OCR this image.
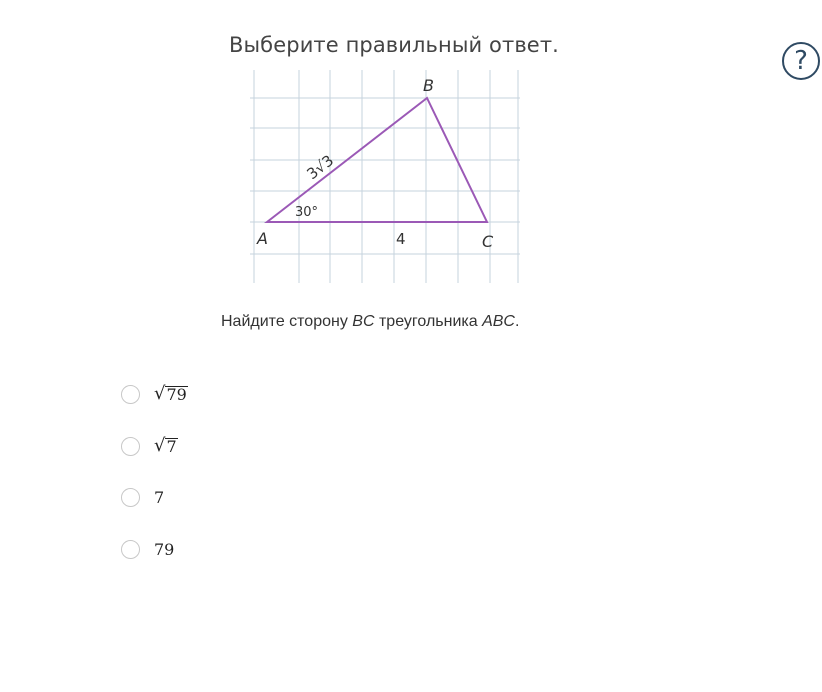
Выберите правильный ответ.
?
B
A	C
4
30°
3√3
Найдите сторону BC треугольника ABC.
√ 79
√ 7
7
79
